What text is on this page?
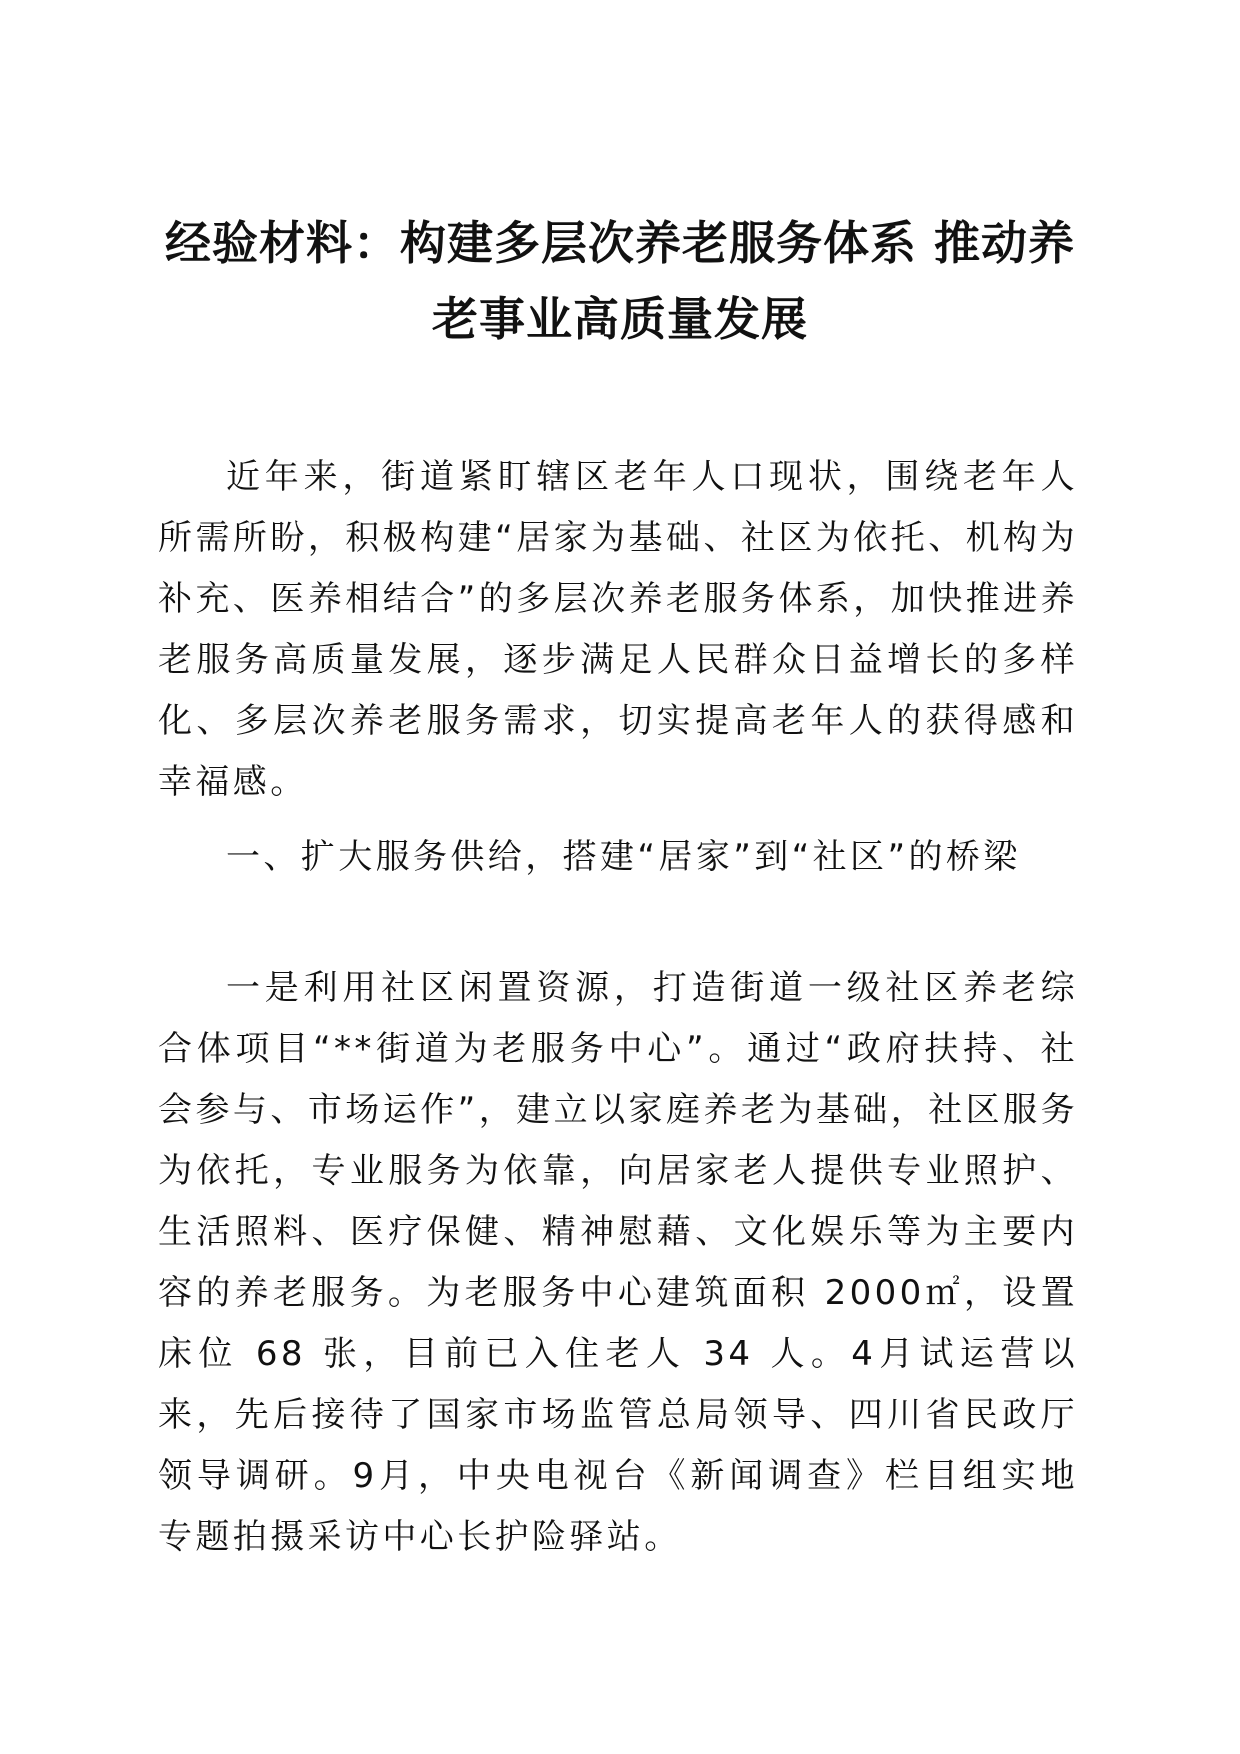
经验材料：构建多层次养老服务体系 推动养老事业高质量发展

近年来，街道紧盯辖区老年人口现状，围绕老年人所需所盼，积极构建“居家为基础、社区为依托、机构为补充、医养相结合”的多层次养老服务体系，加快推进养老服务高质量发展，逐步满足人民群众日益增长的多样化、多层次养老服务需求，切实提高老年人的获得感和幸福感。

一、扩大服务供给，搭建“居家”到“社区”的桥梁

一是利用社区闲置资源，打造街道一级社区养老综合体项目“**街道为老服务中心”。通过“政府扶持、社会参与、市场运作”，建立以家庭养老为基础，社区服务为依托，专业服务为依靠，向居家老人提供专业照护、生活照料、医疗保健、精神慰藉、文化娱乐等为主要内容的养老服务。为老服务中心建筑面积 2000㎡，设置床位 68 张，目前已入住老人 34 人。4月试运营以来，先后接待了国家市场监管总局领导、四川省民政厅领导调研。9月，中央电视台《新闻调查》栏目组实地专题拍摄采访中心长护险驿站。
